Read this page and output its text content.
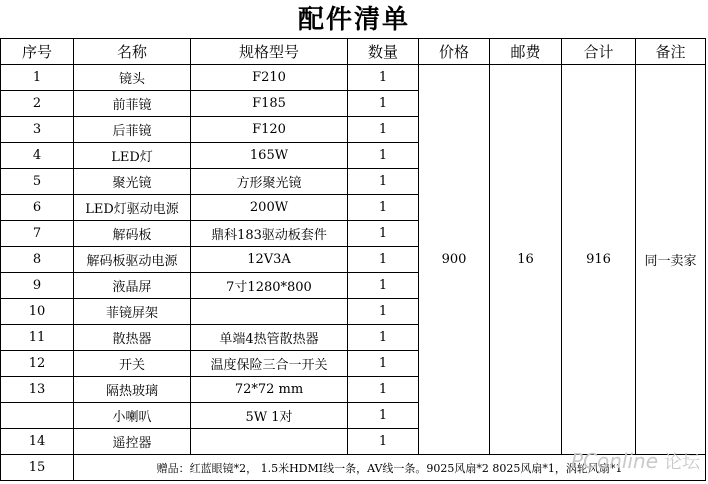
配件清单
序号	名称	规格型号	数量	价格	邮费	合计	备注
1	镜头	F210	1	900	16	916	同一卖家
2	前菲镜	F185	1				
3	后菲镜	F120	1				
4	LED灯	165W	1				
5	聚光镜	方形聚光镜	1				
6	LED灯驱动电源	200W	1				
7	解码板	鼎科183驱动板套件	1				
8	解码板驱动电源	12V3A	1				
9	液晶屏	7寸1280*800	1				
10	菲镜屏架		1				
11	散热器	单端4热管散热器	1				
12	开关	温度保险三合一开关	1				
13	隔热玻璃	72*72 mm	1				
	小喇叭	5W 1对	1				
14	遥控器		1				
15	赠品：红蓝眼镜*2， 1.5米HDMI线一条，AV线一条。9025风扇*2 8025风扇*1，涡轮风扇*1						
PConline 论坛
